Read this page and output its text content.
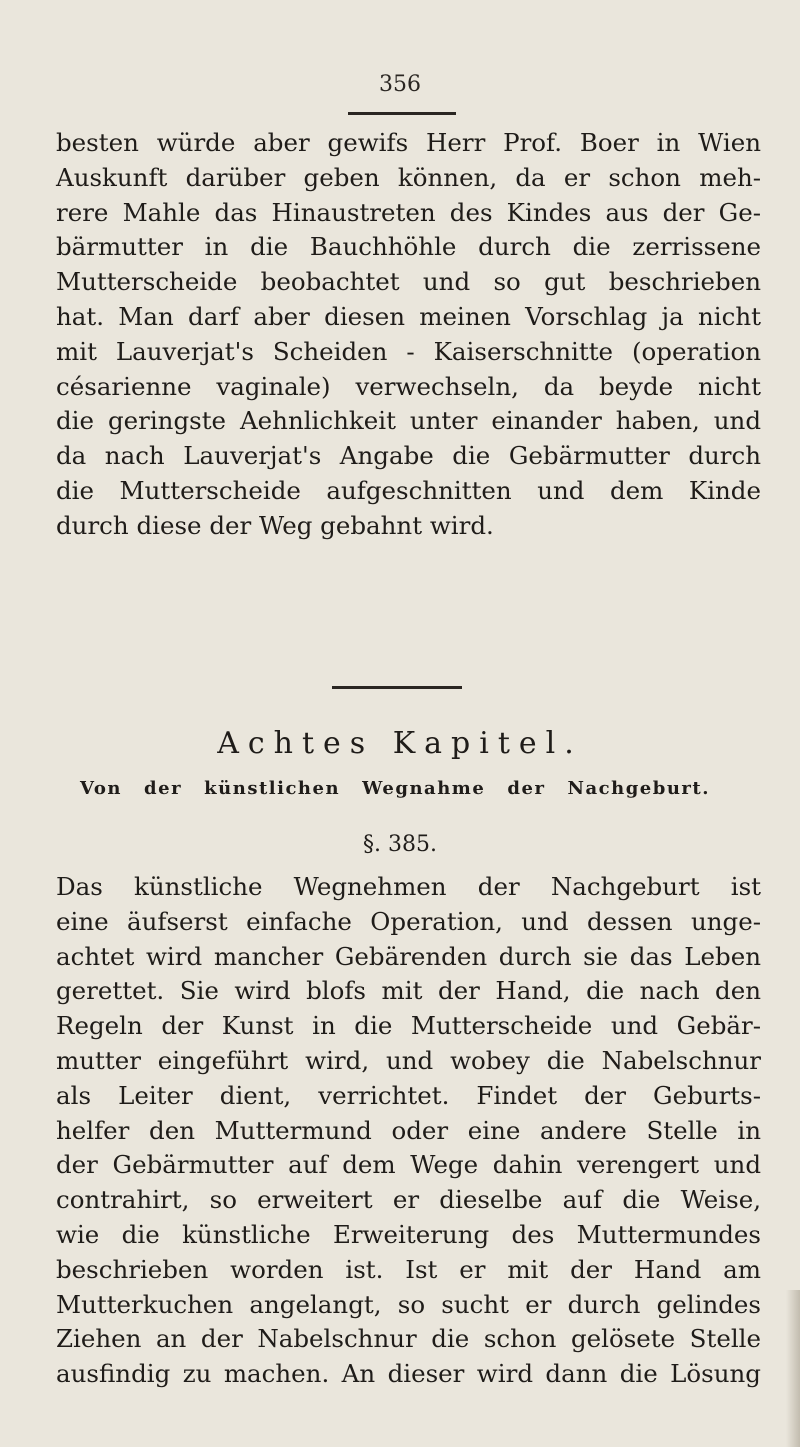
356
besten würde aber gewifs Herr Prof. Boer in Wien
Auskunft darüber geben können, da er schon meh-
rere Mahle das Hinaustreten des Kindes aus der Ge-
bärmutter in die Bauchhöhle durch die zerrissene
Mutterscheide beobachtet und so gut beschrieben
hat. Man darf aber diesen meinen Vorschlag ja nicht
mit Lauverjat's Scheiden - Kaiserschnitte (operation
césarienne vaginale) verwechseln, da beyde nicht
die geringste Aehnlichkeit unter einander haben, und
da nach Lauverjat's Angabe die Gebärmutter durch
die Mutterscheide aufgeschnitten und dem Kinde
durch diese der Weg gebahnt wird.
Achtes Kapitel.
Von der künstlichen Wegnahme der Nachgeburt.
§. 385.
Das künstliche Wegnehmen der Nachgeburt ist
eine äufserst einfache Operation, und dessen unge-
achtet wird mancher Gebärenden durch sie das Leben
gerettet. Sie wird blofs mit der Hand, die nach den
Regeln der Kunst in die Mutterscheide und Gebär-
mutter eingeführt wird, und wobey die Nabelschnur
als Leiter dient, verrichtet. Findet der Geburts-
helfer den Muttermund oder eine andere Stelle in
der Gebärmutter auf dem Wege dahin verengert und
contrahirt, so erweitert er dieselbe auf die Weise,
wie die künstliche Erweiterung des Muttermundes
beschrieben worden ist. Ist er mit der Hand am
Mutterkuchen angelangt, so sucht er durch gelindes
Ziehen an der Nabelschnur die schon gelösete Stelle
ausfindig zu machen. An dieser wird dann die Lösung
